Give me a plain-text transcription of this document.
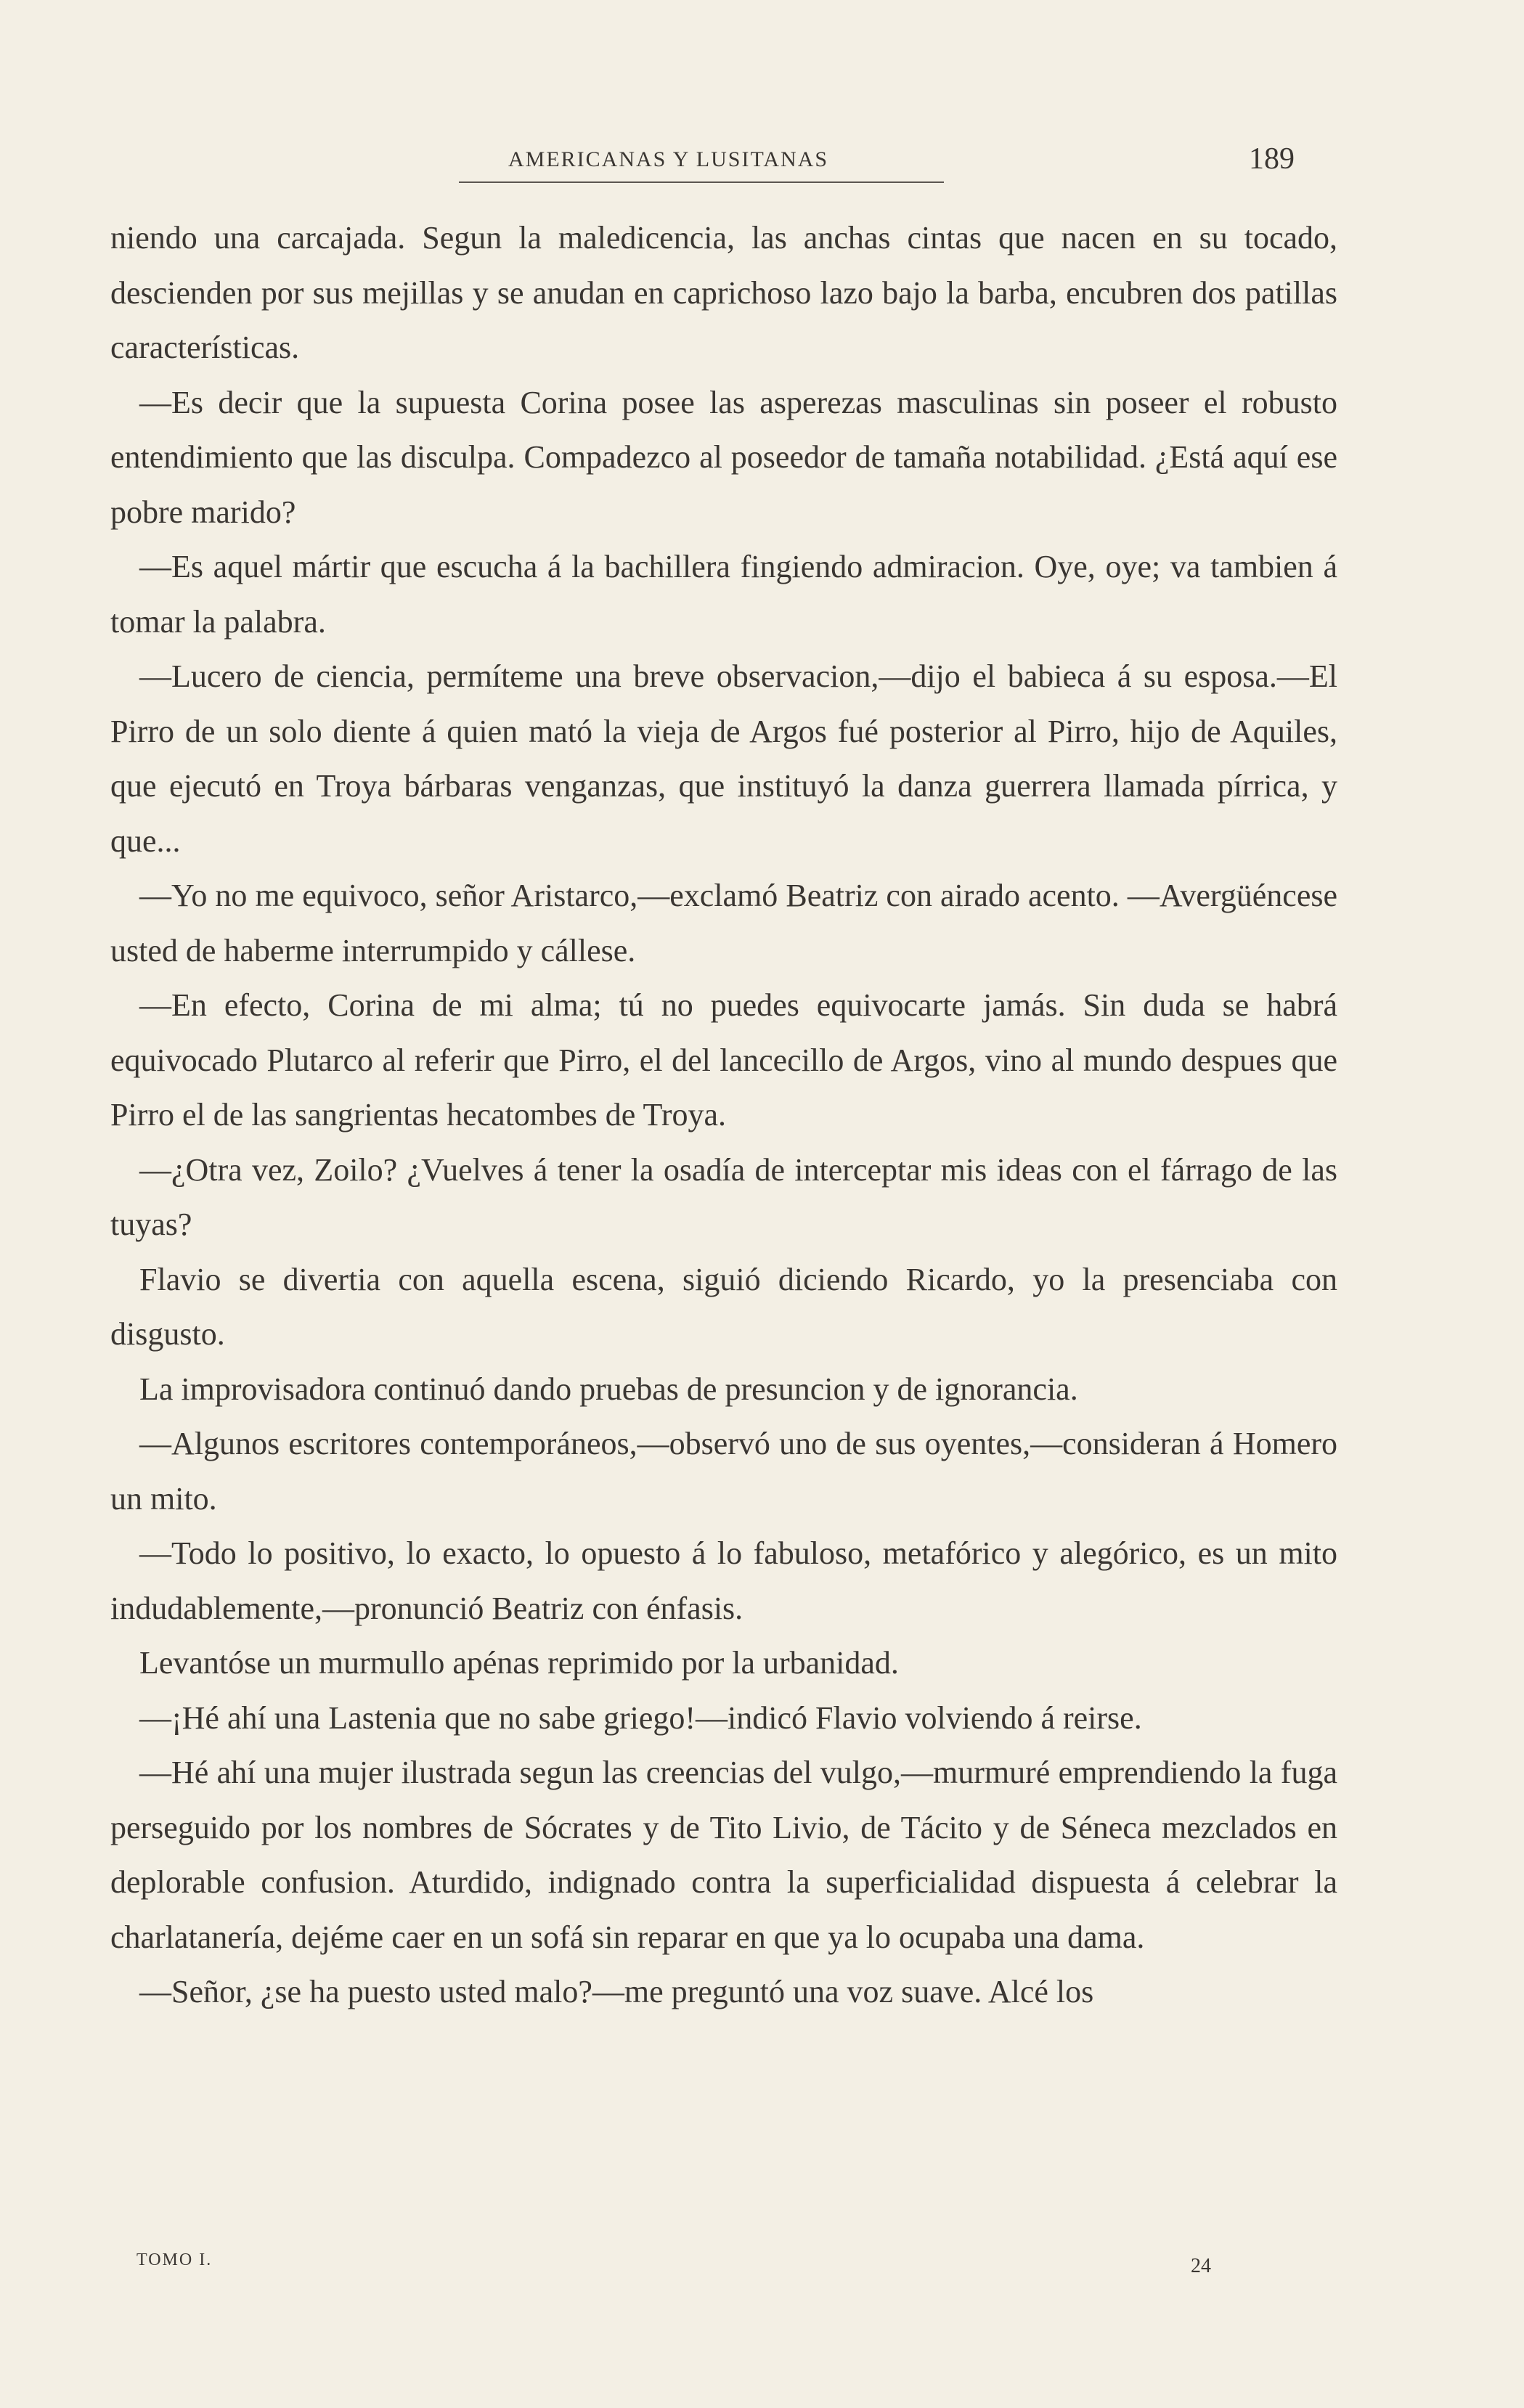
AMERICANAS Y LUSITANAS	189

niendo una carcajada. Segun la maledicencia, las anchas cintas que nacen en su tocado, descienden por sus mejillas y se anudan en caprichoso lazo bajo la barba, encubren dos patillas características.

—Es decir que la supuesta Corina posee las asperezas masculinas sin poseer el robusto entendimiento que las disculpa. Compadezco al poseedor de tamaña notabilidad. ¿Está aquí ese pobre marido?

—Es aquel mártir que escucha á la bachillera fingiendo admiracion. Oye, oye; va tambien á tomar la palabra.

—Lucero de ciencia, permíteme una breve observacion,—dijo el babieca á su esposa.—El Pirro de un solo diente á quien mató la vieja de Argos fué posterior al Pirro, hijo de Aquiles, que ejecutó en Troya bárbaras venganzas, que instituyó la danza guerrera llamada pírrica, y que...

—Yo no me equivoco, señor Aristarco,—exclamó Beatriz con airado acento. —Avergüéncese usted de haberme interrumpido y cállese.

—En efecto, Corina de mi alma; tú no puedes equivocarte jamás. Sin duda se habrá equivocado Plutarco al referir que Pirro, el del lancecillo de Argos, vino al mundo despues que Pirro el de las sangrientas hecatombes de Troya.

—¿Otra vez, Zoilo? ¿Vuelves á tener la osadía de interceptar mis ideas con el fárrago de las tuyas?

Flavio se divertia con aquella escena, siguió diciendo Ricardo, yo la presenciaba con disgusto.

La improvisadora continuó dando pruebas de presuncion y de ignorancia.

—Algunos escritores contemporáneos,—observó uno de sus oyentes,—consideran á Homero un mito.

—Todo lo positivo, lo exacto, lo opuesto á lo fabuloso, metafórico y alegórico, es un mito indudablemente,—pronunció Beatriz con énfasis.

Levantóse un murmullo apénas reprimido por la urbanidad.

—¡Hé ahí una Lastenia que no sabe griego!—indicó Flavio volviendo á reirse.

—Hé ahí una mujer ilustrada segun las creencias del vulgo,—murmuré emprendiendo la fuga perseguido por los nombres de Sócrates y de Tito Livio, de Tácito y de Séneca mezclados en deplorable confusion. Aturdido, indignado contra la superficialidad dispuesta á celebrar la charlatanería, dejéme caer en un sofá sin reparar en que ya lo ocupaba una dama.

—Señor, ¿se ha puesto usted malo?—me preguntó una voz suave. Alcé los

TOMO I.	24
